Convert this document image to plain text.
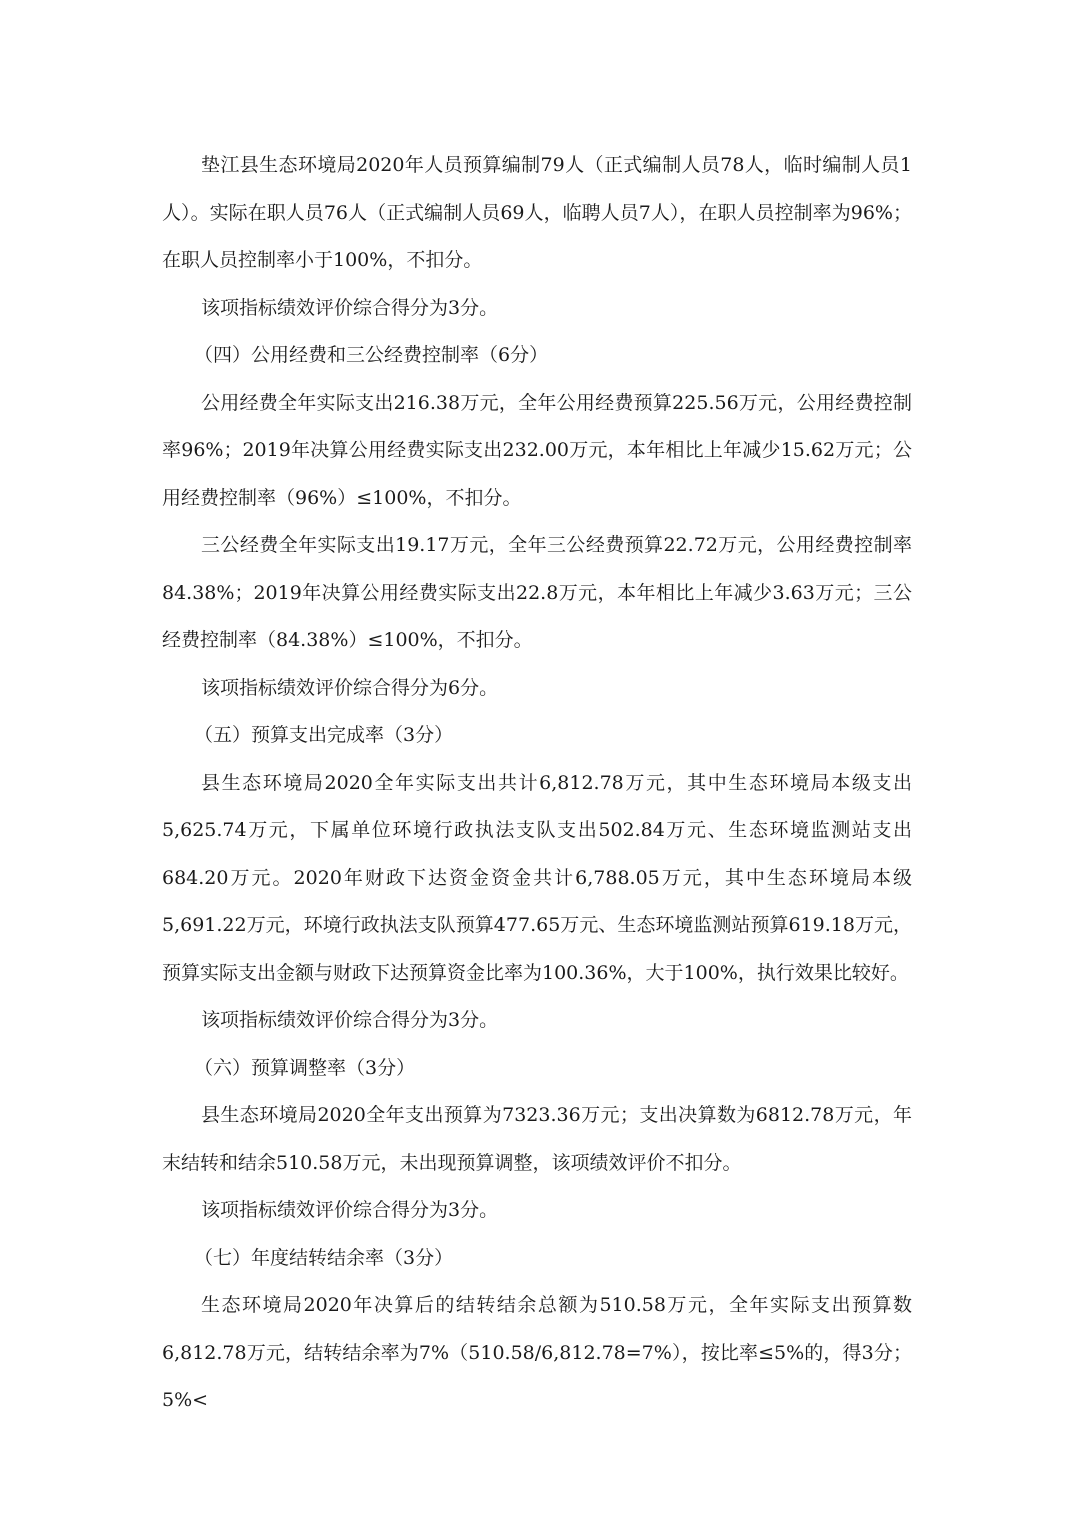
垫江县生态环境局2020年人员预算编制79人（正式编制人员78人，临时编制人员1人）。实际在职人员76人（正式编制人员69人，临聘人员7人），在职人员控制率为96%；在职人员控制率小于100%，不扣分。

该项指标绩效评价综合得分为3分。

（四）公用经费和三公经费控制率（6分）

公用经费全年实际支出216.38万元，全年公用经费预算225.56万元，公用经费控制率96%；2019年决算公用经费实际支出232.00万元，本年相比上年减少15.62万元；公用经费控制率（96%）≤100%，不扣分。

三公经费全年实际支出19.17万元，全年三公经费预算22.72万元，公用经费控制率84.38%；2019年决算公用经费实际支出22.8万元，本年相比上年减少3.63万元；三公经费控制率（84.38%）≤100%，不扣分。

该项指标绩效评价综合得分为6分。

（五）预算支出完成率（3分）

县生态环境局2020全年实际支出共计6,812.78万元，其中生态环境局本级支出5,625.74万元，下属单位环境行政执法支队支出502.84万元、生态环境监测站支出684.20万元。2020年财政下达资金资金共计6,788.05万元，其中生态环境局本级5,691.22万元，环境行政执法支队预算477.65万元、生态环境监测站预算619.18万元，预算实际支出金额与财政下达预算资金比率为100.36%，大于100%，执行效果比较好。

该项指标绩效评价综合得分为3分。

（六）预算调整率（3分）

县生态环境局2020全年支出预算为7323.36万元；支出决算数为6812.78万元，年末结转和结余510.58万元，未出现预算调整，该项绩效评价不扣分。

该项指标绩效评价综合得分为3分。

（七）年度结转结余率（3分）

生态环境局2020年决算后的结转结余总额为510.58万元，全年实际支出预算数6,812.78万元，结转结余率为7%（510.58/6,812.78=7%），按比率≤5%的，得3分；5%<
